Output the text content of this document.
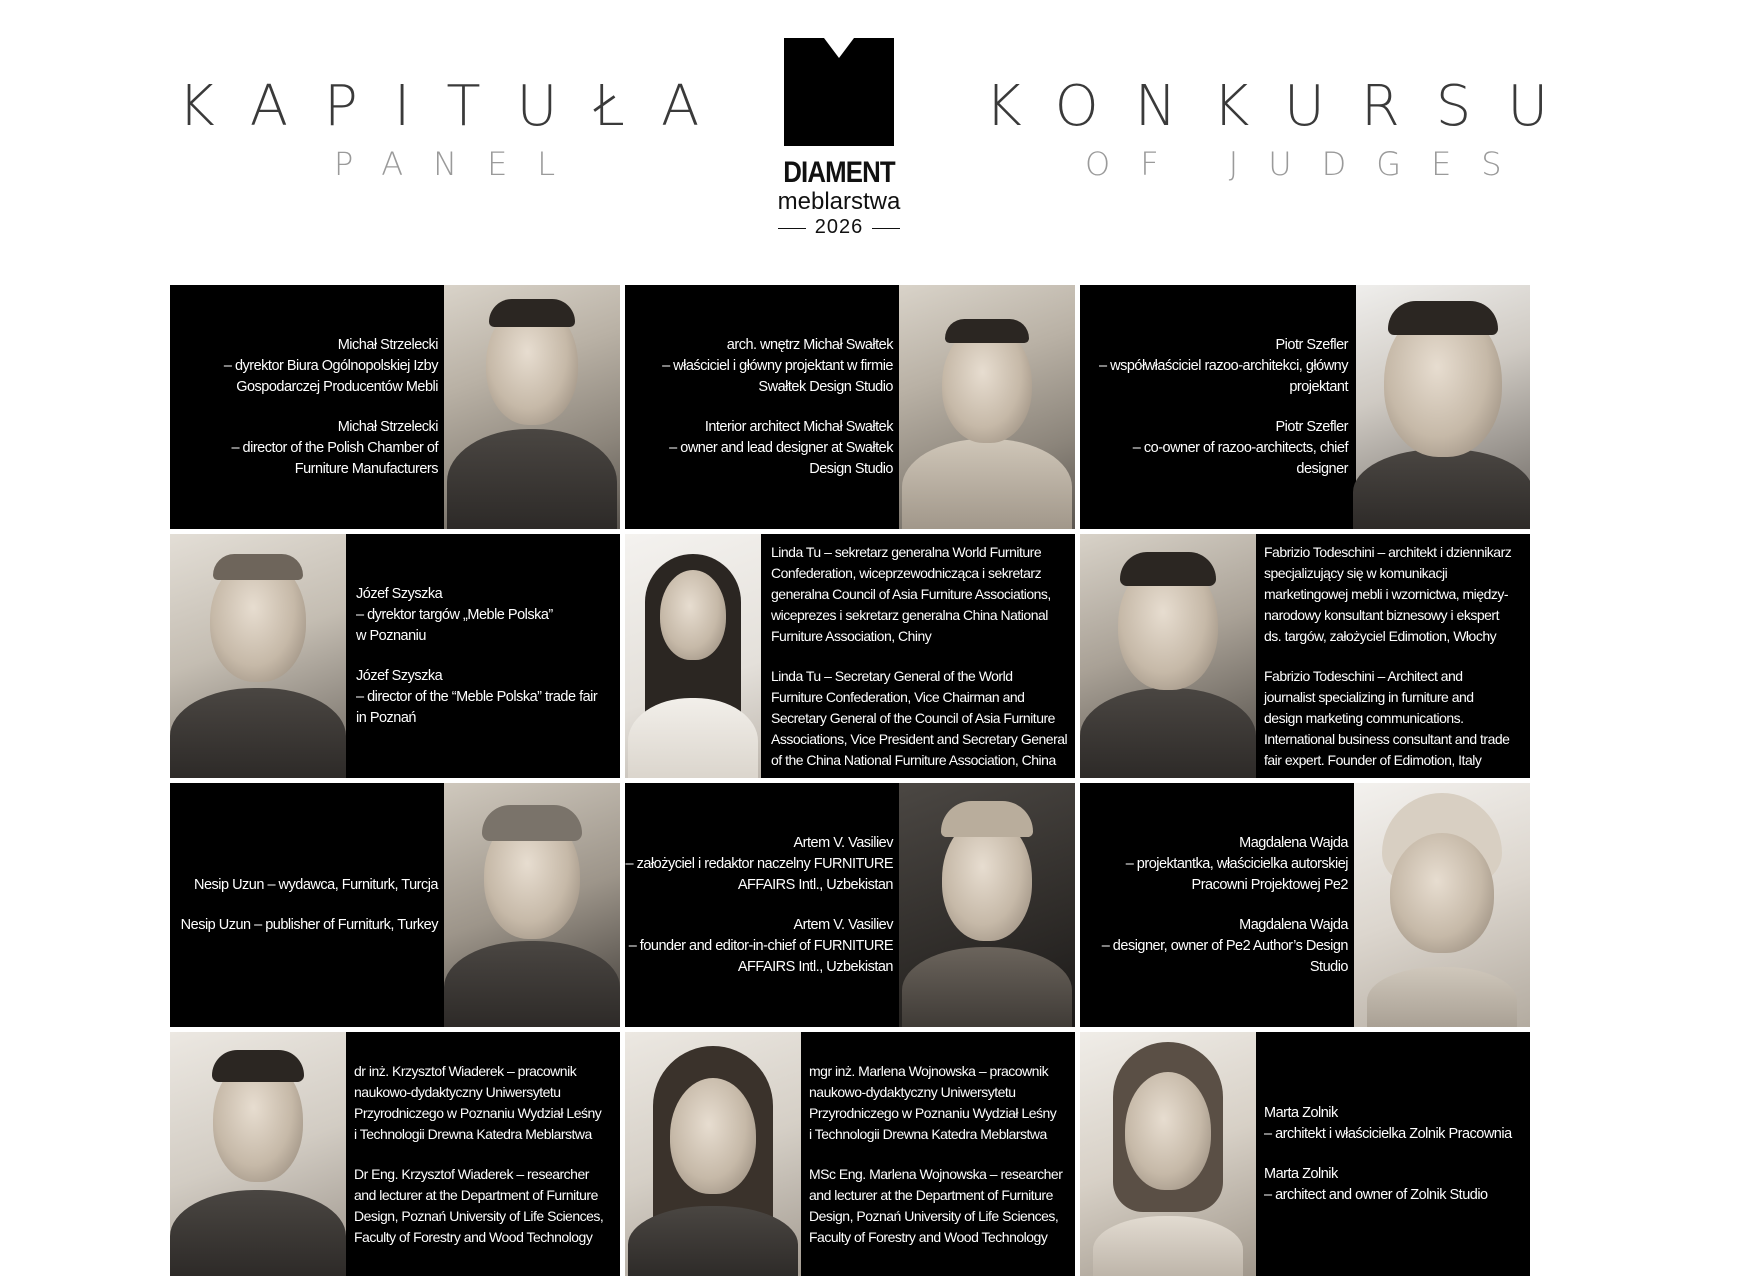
KAPITUŁA	KONKURSU
PANEL	OF JUDGES
DIAMENT
meblarstwa
2026

Michał Strzelecki
– dyrektor Biura Ogólnopolskiej Izby
Gospodarczej Producentów Mebli

Michał Strzelecki
– director of the Polish Chamber of
Furniture Manufacturers

arch. wnętrz Michał Swałtek
– właściciel i główny projektant w firmie
Swałtek Design Studio

Interior architect Michał Swałtek
– owner and lead designer at Swałtek
Design Studio

Piotr Szefler
– współwłaściciel razoo-architekci, główny
projektant

Piotr Szefler
– co-owner of razoo-architects, chief
designer

Józef Szyszka
– dyrektor targów „Meble Polska”
w Poznaniu

Józef Szyszka
– director of the “Meble Polska” trade fair
in Poznań

Linda Tu – sekretarz generalna World Furniture
Confederation, wiceprzewodnicząca i sekretarz
generalna Council of Asia Furniture Associations,
wiceprezes i sekretarz generalna China National
Furniture Association, Chiny

Linda Tu – Secretary General of the World
Furniture Confederation, Vice Chairman and
Secretary General of the Council of Asia Furniture
Associations, Vice President and Secretary General
of the China National Furniture Association, China

Fabrizio Todeschini – architekt i dziennikarz
specjalizujący się w komunikacji
marketingowej mebli i wzornictwa, między-
narodowy konsultant biznesowy i ekspert
ds. targów, założyciel Edimotion, Włochy

Fabrizio Todeschini – Architect and
journalist specializing in furniture and
design marketing communications.
International business consultant and trade
fair expert. Founder of Edimotion, Italy

Nesip Uzun – wydawca, Furniturk, Turcja

Nesip Uzun – publisher of Furniturk, Turkey

Artem V. Vasiliev
– założyciel i redaktor naczelny FURNITURE
AFFAIRS Intl., Uzbekistan

Artem V. Vasiliev
– founder and editor-in-chief of FURNITURE
AFFAIRS Intl., Uzbekistan

Magdalena Wajda
– projektantka, właścicielka autorskiej
Pracowni Projektowej Pe2

Magdalena Wajda
– designer, owner of Pe2 Author’s Design
Studio

dr inż. Krzysztof Wiaderek – pracownik
naukowo-dydaktyczny Uniwersytetu
Przyrodniczego w Poznaniu Wydział Leśny
i Technologii Drewna Katedra Meblarstwa

Dr Eng. Krzysztof Wiaderek – researcher
and lecturer at the Department of Furniture
Design, Poznań University of Life Sciences,
Faculty of Forestry and Wood Technology

mgr inż. Marlena Wojnowska – pracownik
naukowo-dydaktyczny Uniwersytetu
Przyrodniczego w Poznaniu Wydział Leśny
i Technologii Drewna Katedra Meblarstwa

MSc Eng. Marlena Wojnowska – researcher
and lecturer at the Department of Furniture
Design, Poznań University of Life Sciences,
Faculty of Forestry and Wood Technology

Marta Zolnik
– architekt i właścicielka Zolnik Pracownia

Marta Zolnik
– architect and owner of Zolnik Studio
